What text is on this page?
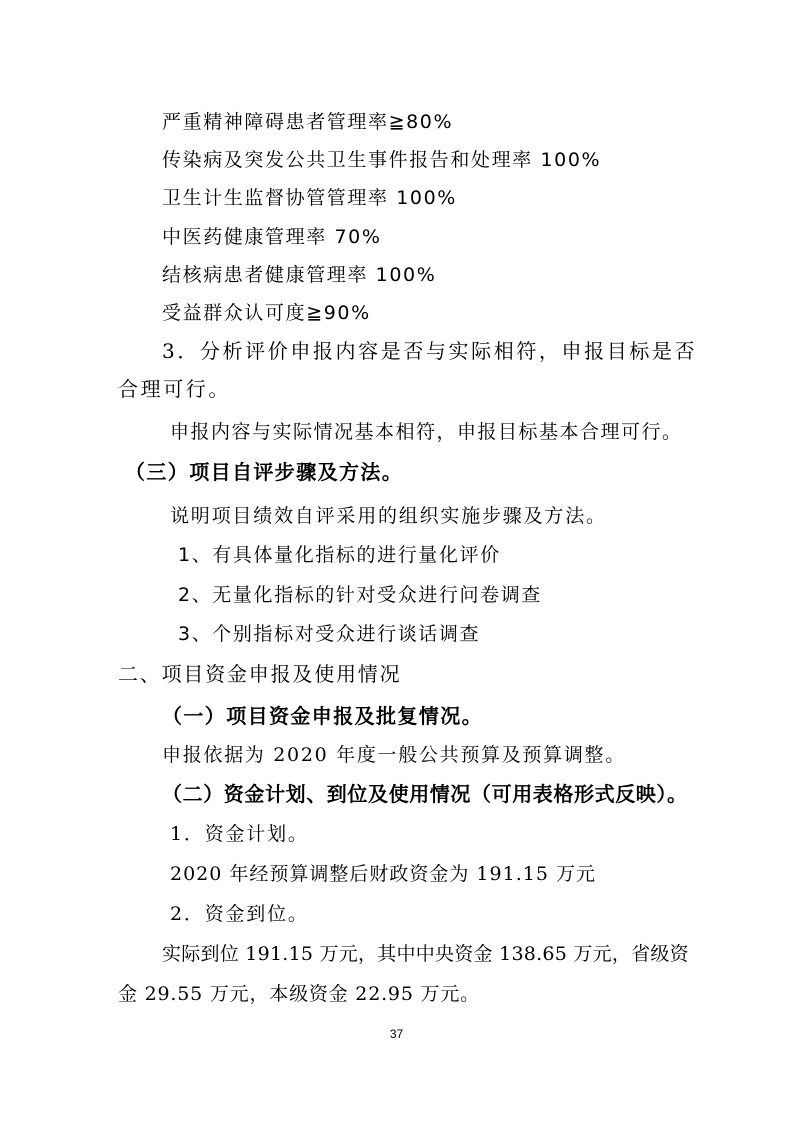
严重精神障碍患者管理率≧80%
传染病及突发公共卫生事件报告和处理率 100%
卫生计生监督协管管理率 100%
中医药健康管理率 70%
结核病患者健康管理率 100%
受益群众认可度≧90%
3．分析评价申报内容是否与实际相符，申报目标是否
合理可行。
申报内容与实际情况基本相符，申报目标基本合理可行。
（三）项目自评步骤及方法。
说明项目绩效自评采用的组织实施步骤及方法。
1、有具体量化指标的进行量化评价
2、无量化指标的针对受众进行问卷调查
3、个别指标对受众进行谈话调查
二、项目资金申报及使用情况
（一）项目资金申报及批复情况。
申报依据为 2020 年度一般公共预算及预算调整。
（二）资金计划、到位及使用情况（可用表格形式反映）。
1．资金计划。
2020 年经预算调整后财政资金为 191.15 万元
2．资金到位。
实际到位 191.15 万元，其中中央资金 138.65 万元，省级资
金 29.55 万元，本级资金 22.95 万元。
37
